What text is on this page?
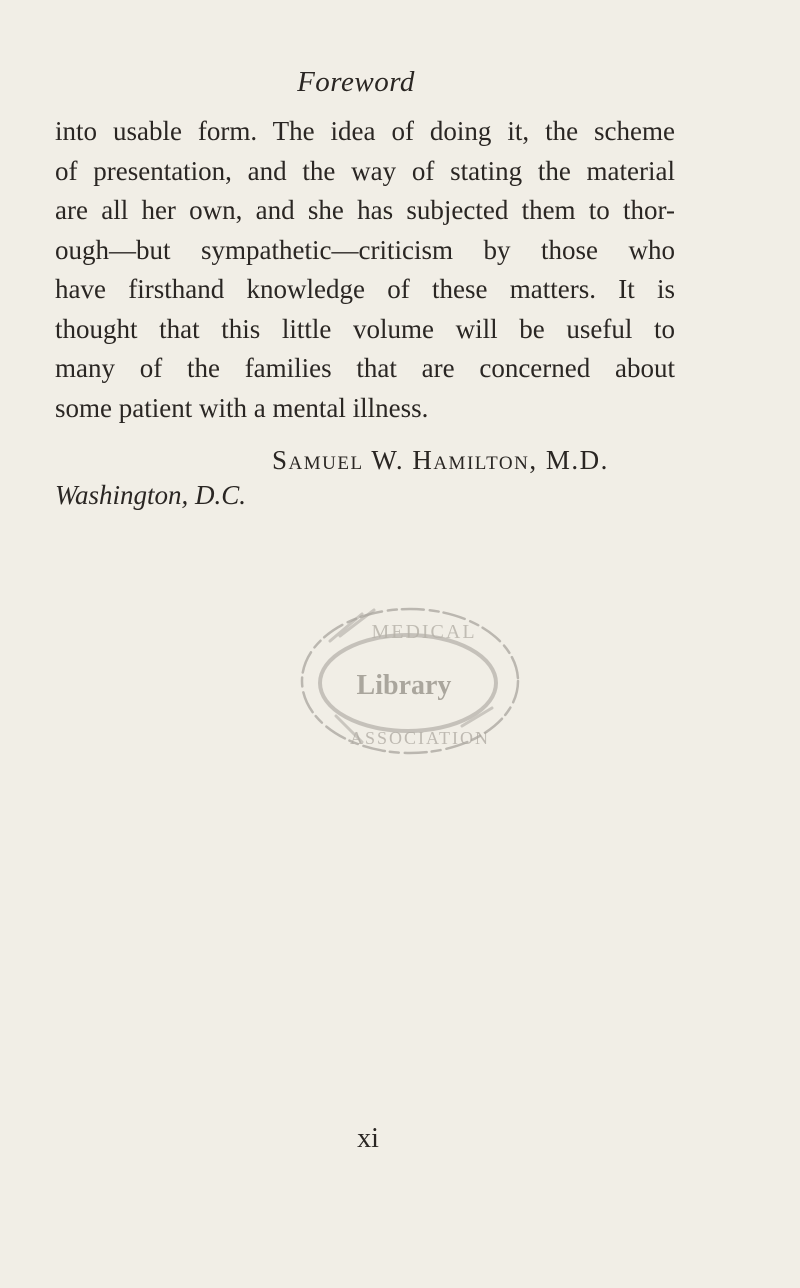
Foreword

into usable form. The idea of doing it, the scheme
of presentation, and the way of stating the material
are all her own, and she has subjected them to thor-
ough—but sympathetic—criticism by those who
have firsthand knowledge of these matters. It is
thought that this little volume will be useful to
many of the families that are concerned about
some patient with a mental illness.

Samuel W. Hamilton, M.D.
Washington, D.C.
MEDICAL
Library
ASSOCIATION
xi
